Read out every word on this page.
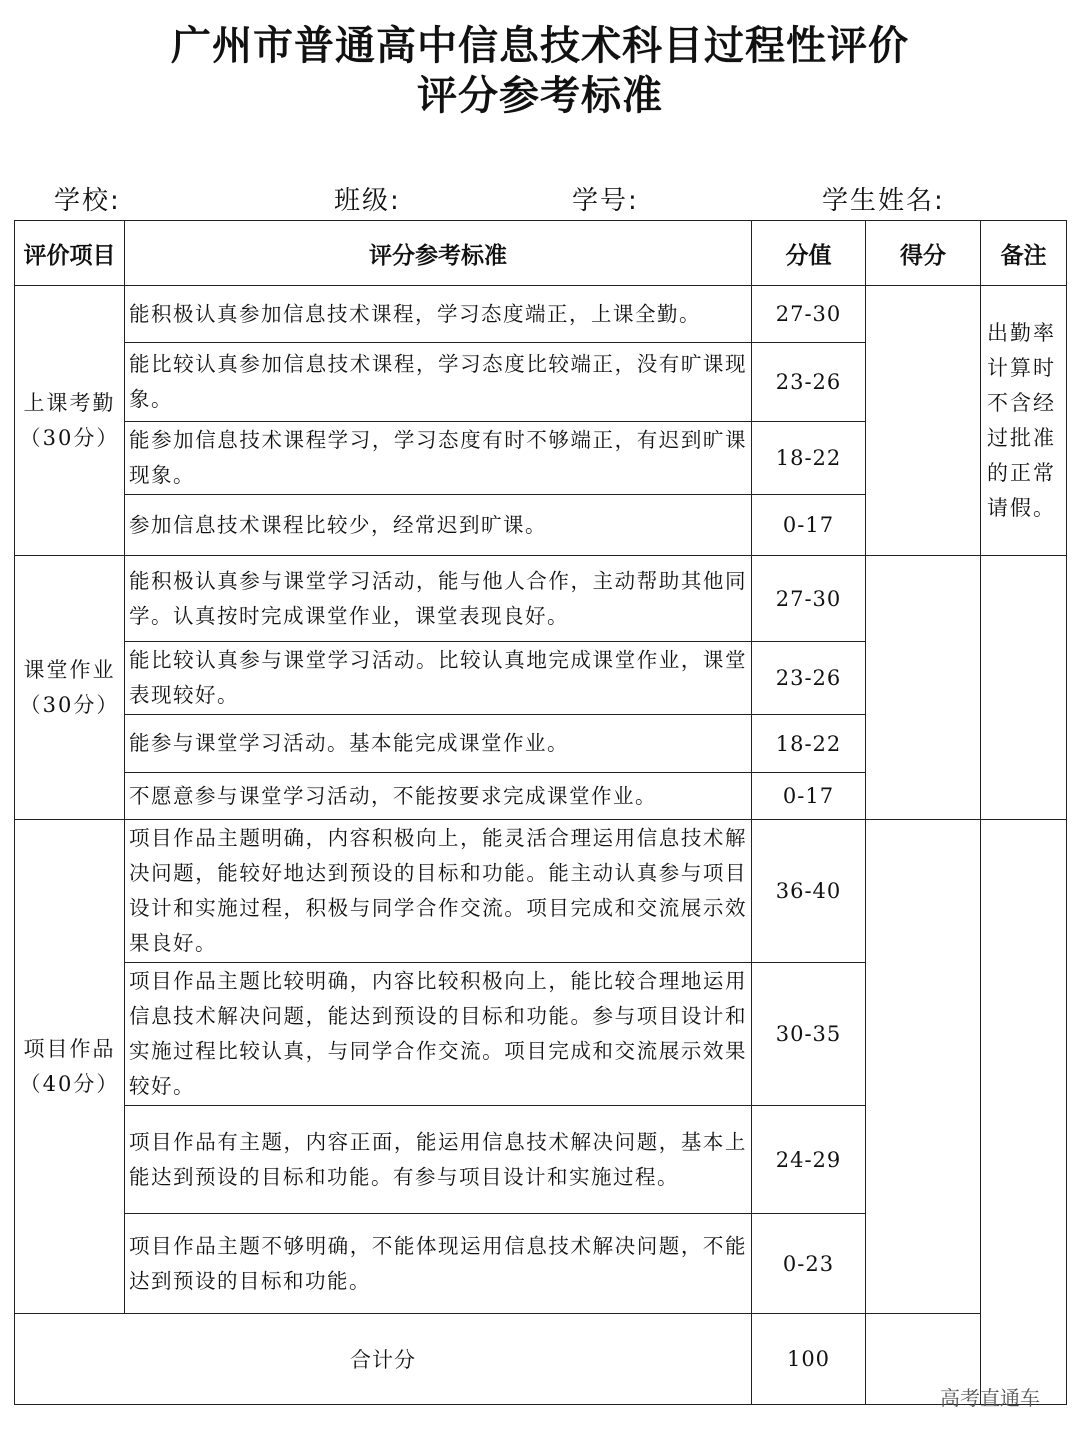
广州市普通高中信息技术科目过程性评价
评分参考标准
学校:	班级:	学号:	学生姓名:
评价项目	评分参考标准	分值	得分	备注

上课考勤
（30分）	能积极认真参加信息技术课程，学习态度端正，上课全勤。	27-30		出勤率计算时不含经过批准的正常请假。

	能比较认真参加信息技术课程，学习态度比较端正，没有旷课现象。	23-26		
	能参加信息技术课程学习，学习态度有时不够端正，有迟到旷课现象。	18-22		
	参加信息技术课程比较少，经常迟到旷课。	0-17		

课堂作业
（30分）	能积极认真参与课堂学习活动，能与他人合作，主动帮助其他同学。认真按时完成课堂作业，课堂表现良好。	27-30		
	能比较认真参与课堂学习活动。比较认真地完成课堂作业，课堂表现较好。	23-26		
	能参与课堂学习活动。基本能完成课堂作业。	18-22		
	不愿意参与课堂学习活动，不能按要求完成课堂作业。	0-17		

项目作品
（40分）	项目作品主题明确，内容积极向上，能灵活合理运用信息技术解决问题，能较好地达到预设的目标和功能。能主动认真参与项目设计和实施过程，积极与同学合作交流。项目完成和交流展示效果良好。	36-40		
	项目作品主题比较明确，内容比较积极向上，能比较合理地运用信息技术解决问题，能达到预设的目标和功能。参与项目设计和实施过程比较认真，与同学合作交流。项目完成和交流展示效果较好。	30-35		
	项目作品有主题，内容正面，能运用信息技术解决问题，基本上能达到预设的目标和功能。有参与项目设计和实施过程。	24-29		
	项目作品主题不够明确，不能体现运用信息技术解决问题，不能达到预设的目标和功能。	0-23		
合计分		100		
高考直通车
